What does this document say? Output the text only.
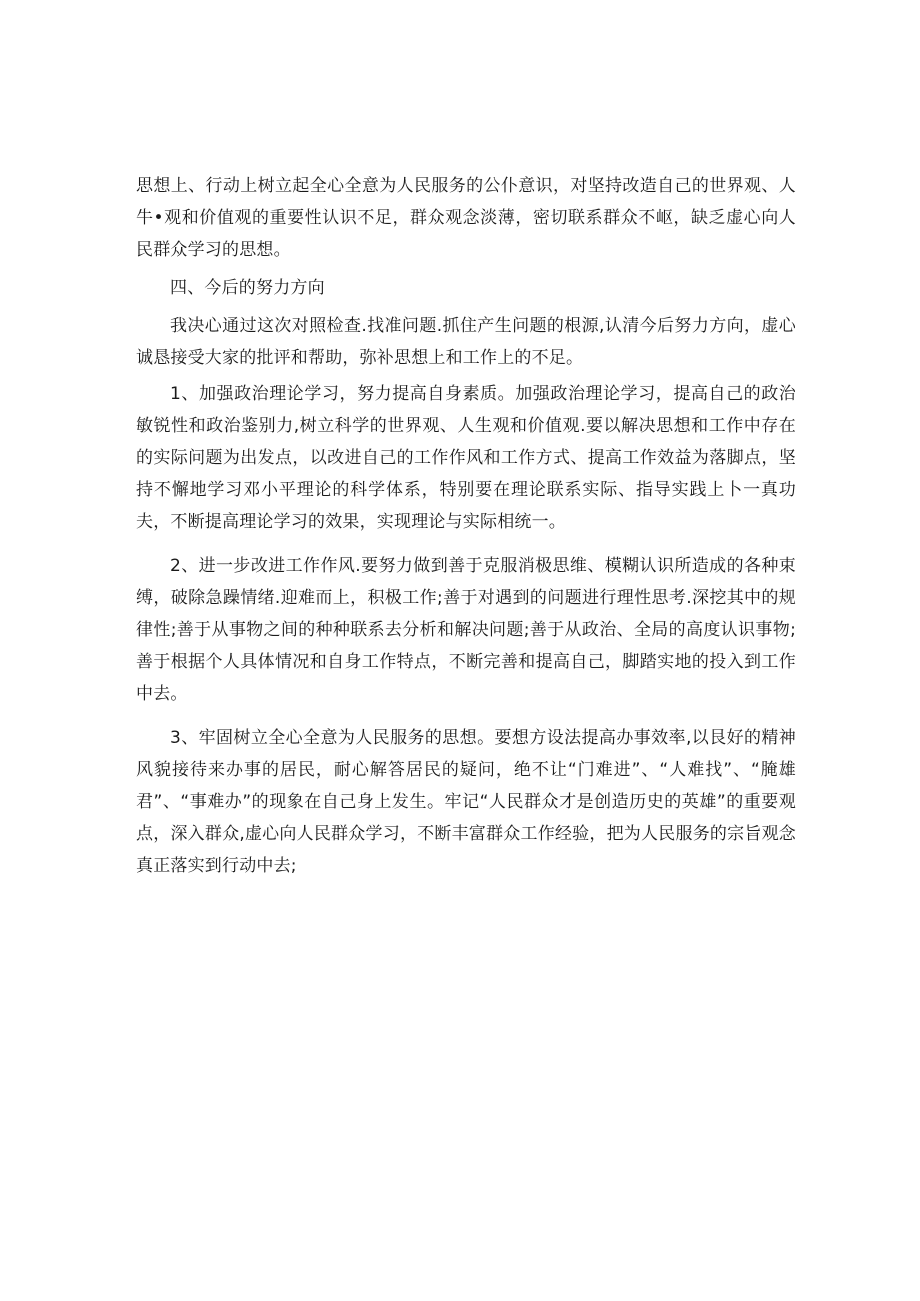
思想上、行动上树立起全心全意为人民服务的公仆意识，对坚持改造自己的世界观、人牛•观和价值观的重要性认识不足，群众观念淡薄，密切联系群众不岖，缺乏虚心向人民群众学习的思想。

四、今后的努力方向

我决心通过这次对照检查.找准问题.抓住产生问题的根源,认清今后努力方向，虚心诚恳接受大家的批评和帮助，弥补思想上和工作上的不足。

1、加强政治理论学习，努力提高自身素质。加强政治理论学习，提高自己的政治敏锐性和政治鉴别力,树立科学的世界观、人生观和价值观.要以解决思想和工作中存在的实际问题为出发点，以改进自己的工作作风和工作方式、提高工作效益为落脚点，坚持不懈地学习邓小平理论的科学体系，特别要在理论联系实际、指导实践上卜一真功夫，不断提高理论学习的效果，实现理论与实际相统一。

2、进一步改进工作作风.要努力做到善于克服消极思维、模糊认识所造成的各种束缚，破除急躁情绪.迎难而上，积极工作;善于对遇到的问题进行理性思考.深挖其中的规律性;善于从事物之间的种种联系去分析和解决问题;善于从政治、全局的高度认识事物;善于根据个人具体情况和自身工作特点，不断完善和提高自己，脚踏实地的投入到工作中去。

3、牢固树立全心全意为人民服务的思想。要想方设法提高办事效率,以艮好的精神风貌接待来办事的居民，耐心解答居民的疑问，绝不让“门难进”、“人难找”、“腌雄君”、“事难办”的现象在自己身上发生。牢记“人民群众才是创造历史的英雄”的重要观点，深入群众,虚心向人民群众学习，不断丰富群众工作经验，把为人民服务的宗旨观念真正落实到行动中去;
